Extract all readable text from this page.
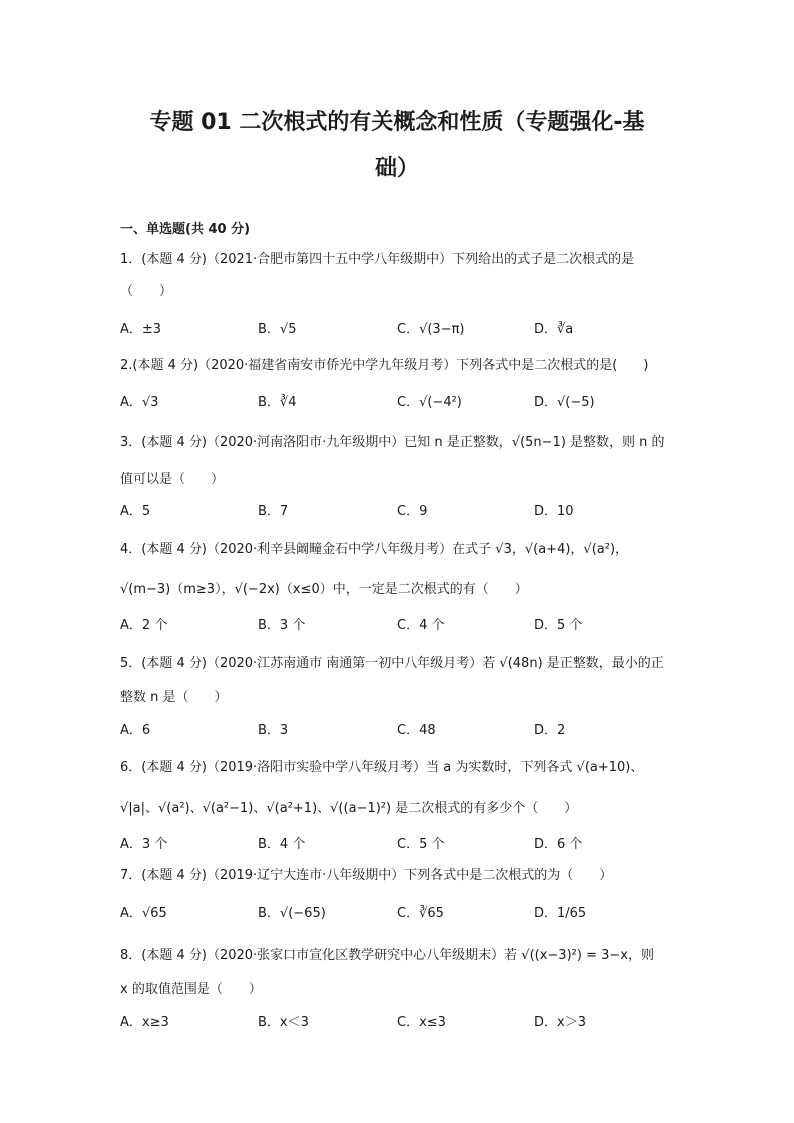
专题 01 二次根式的有关概念和性质（专题强化-基
础）
一、单选题(共 40 分)
1．(本题 4 分)（2021·合肥市第四十五中学八年级期中）下列给出的式子是二次根式的是
（　　）
A．±3	B．√5	C．√(3−π)	D．∛a
2.(本题 4 分)（2020·福建省南安市侨光中学九年级月考）下列各式中是二次根式的是(　　)
A．√3	B．∛4	C．√(−4²)	D．√(−5)
3．(本题 4 分)（2020·河南洛阳市·九年级期中）已知 n 是正整数，√(5n−1) 是整数，则 n 的
值可以是（　　）
A．5	B．7	C．9	D．10
4．(本题 4 分)（2020·利辛县阚疃金石中学八年级月考）在式子 √3，√(a+4)，√(a²)，
√(m−3)（m≥3），√(−2x)（x≤0）中，一定是二次根式的有（　　）
A．2 个	B．3 个	C．4 个	D．5 个
5．(本题 4 分)（2020·江苏南通市 南通第一初中八年级月考）若 √(48n) 是正整数，最小的正
整数 n 是（　　）
A．6	B．3	C．48	D．2
6．(本题 4 分)（2019·洛阳市实验中学八年级月考）当 a 为实数时，下列各式 √(a+10)、
√|a|、√(a²)、√(a²−1)、√(a²+1)、√((a−1)²) 是二次根式的有多少个（　　）
A．3 个	B．4 个	C．5 个	D．6 个
7．(本题 4 分)（2019·辽宁大连市·八年级期中）下列各式中是二次根式的为（　　）
A．√65	B．√(−65)	C．∛65	D．1/65
8．(本题 4 分)（2020·张家口市宣化区教学研究中心八年级期末）若 √((x−3)²) = 3−x，则
x 的取值范围是（　　）
A．x≥3	B．x＜3	C．x≤3	D．x＞3
